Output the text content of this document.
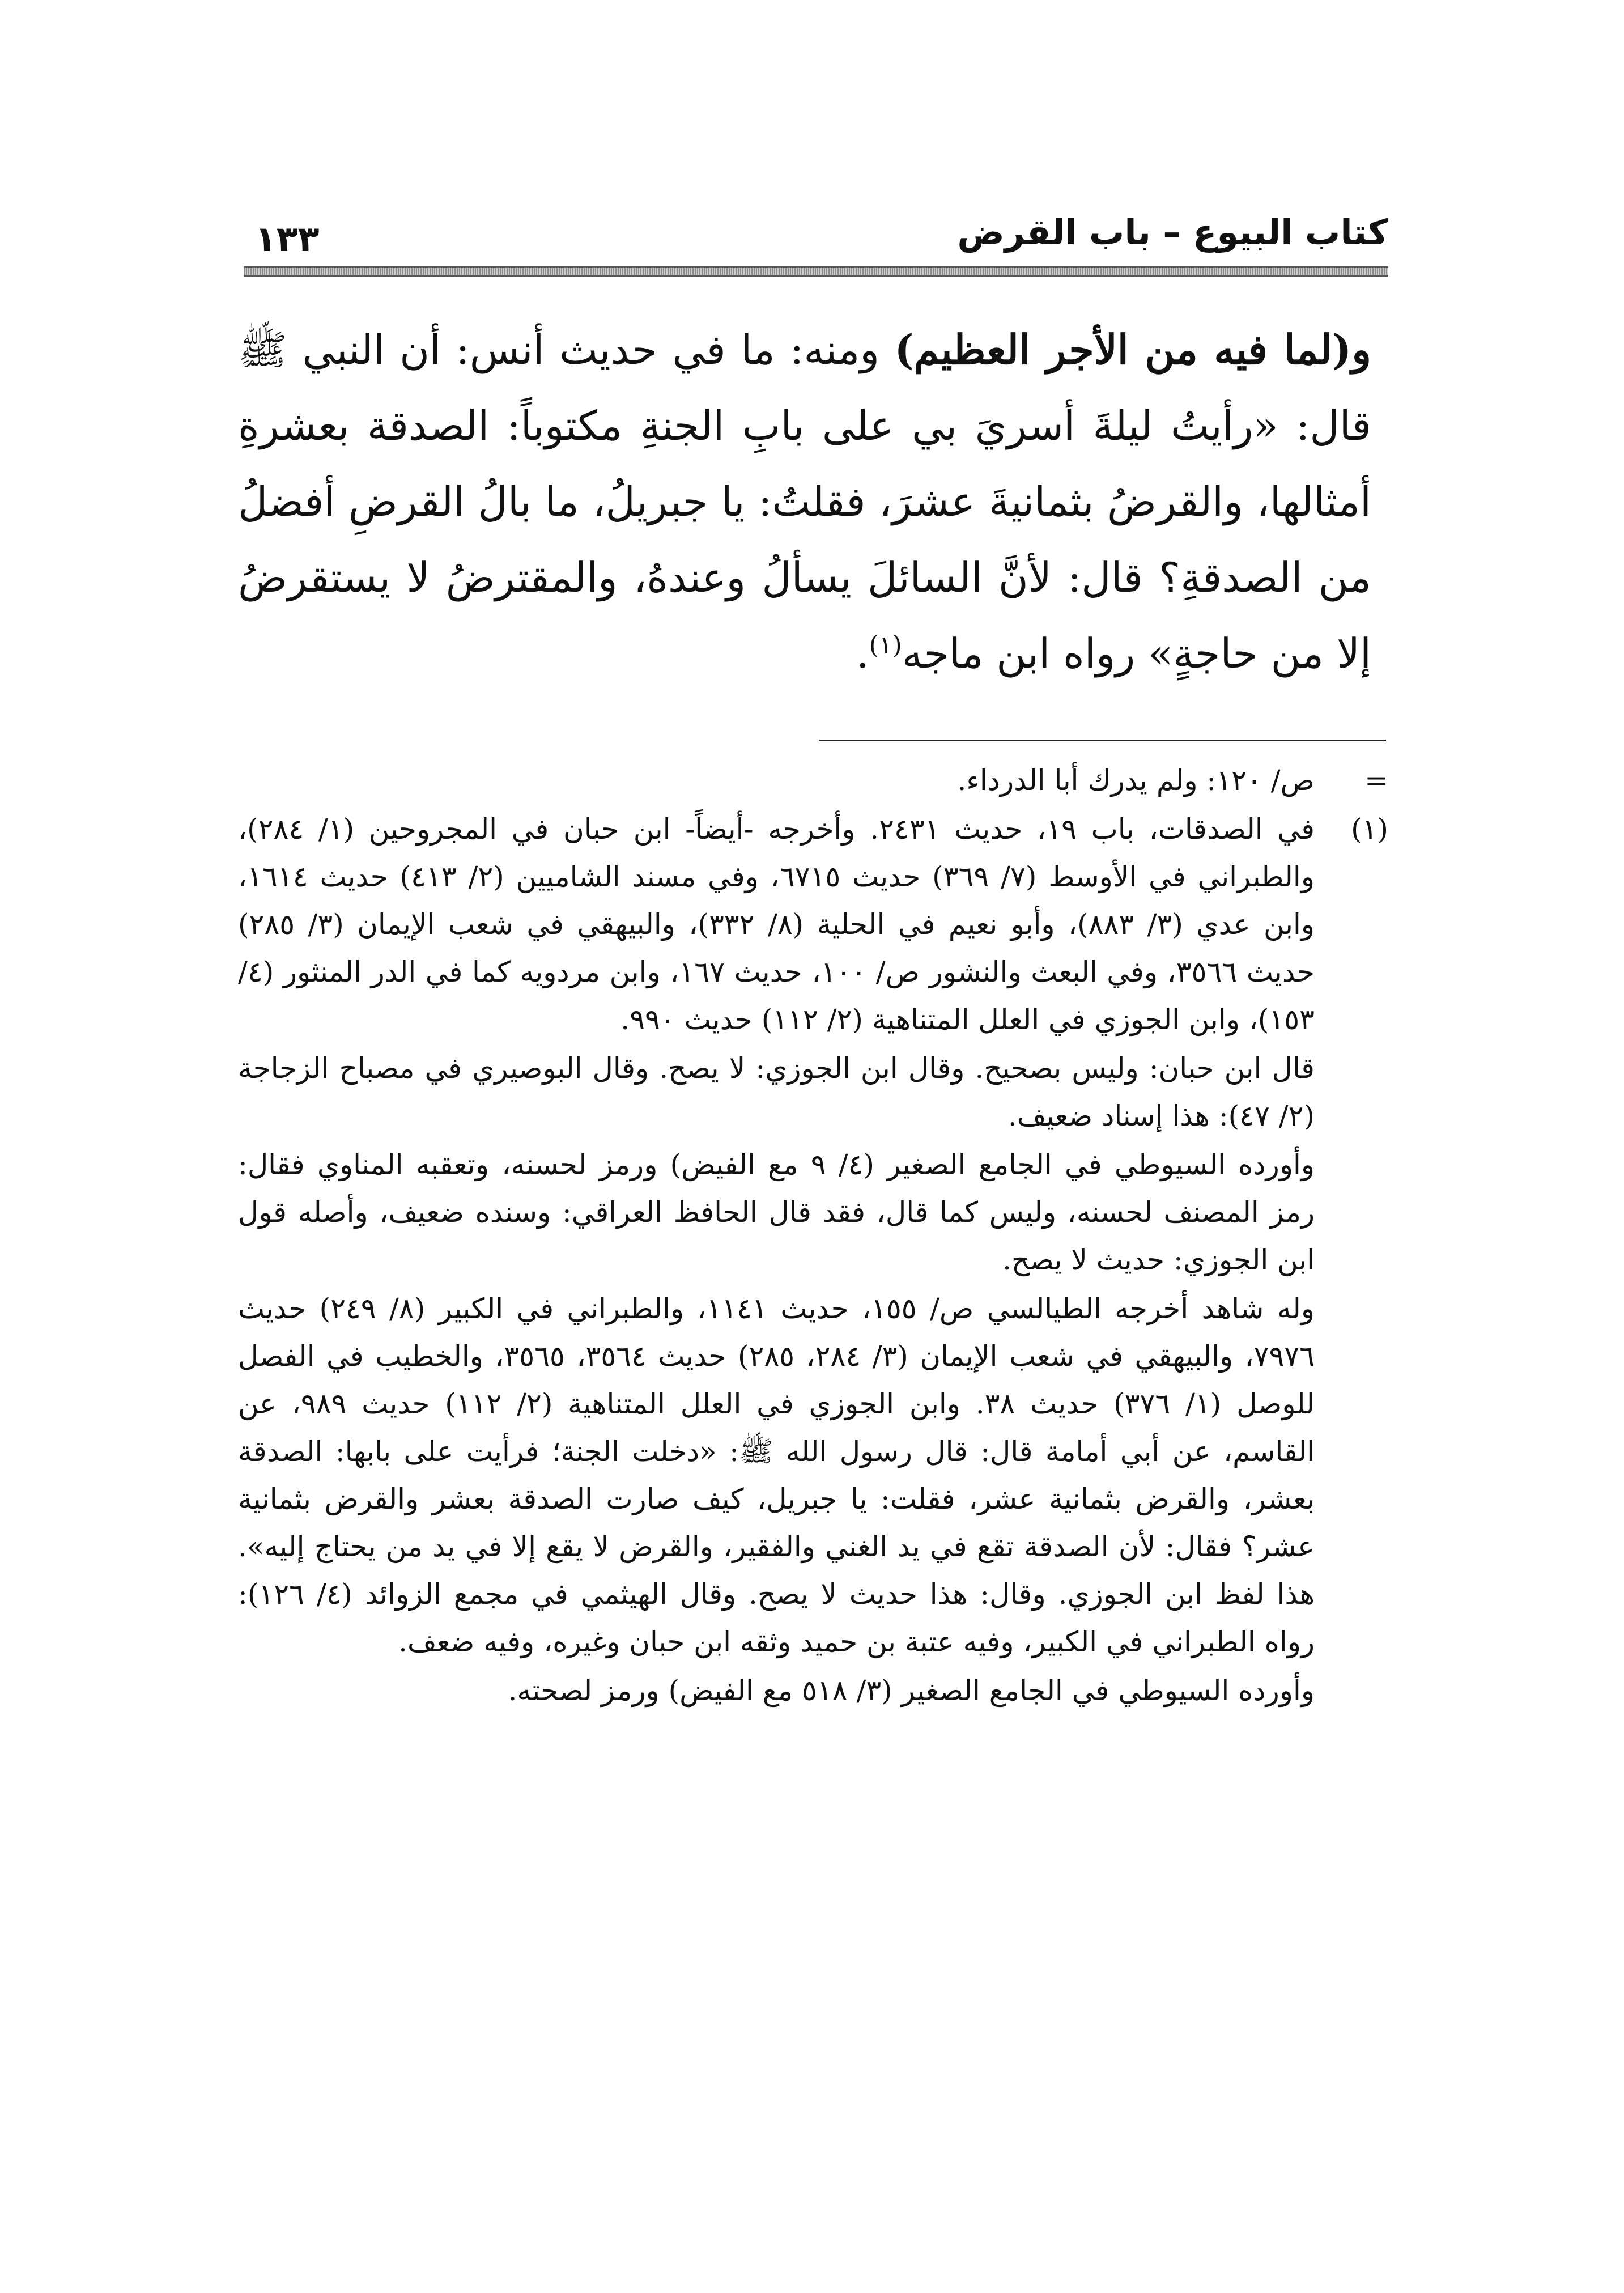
كتاب البيوع – باب القرض
١٣٣
و(لما فيه من الأجر العظيم) ومنه: ما في حديث أنس: أن النبي ﷺ قال: «رأيتُ ليلةَ أسريَ بي على بابِ الجنةِ مكتوباً: الصدقة بعشرةِ أمثالها، والقرضُ بثمانيةَ عشرَ، فقلتُ: يا جبريلُ، ما بالُ القرضِ أفضلُ من الصدقةِ؟ قال: لأنَّ السائلَ يسألُ وعندهُ، والمقترضُ لا يستقرضُ إلا من حاجةٍ» رواه ابن ماجه$^{(١)}$.
=
ص/ ١٢٠: ولم يدرك أبا الدرداء.
(١)
في الصدقات، باب ١٩، حديث ٢٤٣١. وأخرجه -أيضاً- ابن حبان في المجروحين (١/ ٢٨٤)، والطبراني في الأوسط (٧/ ٣٦٩) حديث ٦٧١٥، وفي مسند الشاميين (٢/ ٤١٣) حديث ١٦١٤، وابن عدي (٣/ ٨٨٣)، وأبو نعيم في الحلية (٨/ ٣٣٢)، والبيهقي في شعب الإيمان (٣/ ٢٨٥) حديث ٣٥٦٦، وفي البعث والنشور ص/ ١٠٠، حديث ١٦٧، وابن مردويه كما في الدر المنثور (٤/ ١٥٣)، وابن الجوزي في العلل المتناهية (٢/ ١١٢) حديث ٩٩٠.
قال ابن حبان: وليس بصحيح. وقال ابن الجوزي: لا يصح. وقال البوصيري في مصباح الزجاجة (٢/ ٤٧): هذا إسناد ضعيف.
وأورده السيوطي في الجامع الصغير (٤/ ٩ مع الفيض) ورمز لحسنه، وتعقبه المناوي فقال: رمز المصنف لحسنه، وليس كما قال، فقد قال الحافظ العراقي: وسنده ضعيف، وأصله قول ابن الجوزي: حديث لا يصح.
وله شاهد أخرجه الطيالسي ص/ ١٥٥، حديث ١١٤١، والطبراني في الكبير (٨/ ٢٤٩) حديث ٧٩٧٦، والبيهقي في شعب الإيمان (٣/ ٢٨٤، ٢٨٥) حديث ٣٥٦٤، ٣٥٦٥، والخطيب في الفصل للوصل (١/ ٣٧٦) حديث ٣٨. وابن الجوزي في العلل المتناهية (٢/ ١١٢) حديث ٩٨٩، عن القاسم، عن أبي أمامة قال: قال رسول الله ﷺ: «دخلت الجنة؛ فرأيت على بابها: الصدقة بعشر، والقرض بثمانية عشر، فقلت: يا جبريل، كيف صارت الصدقة بعشر والقرض بثمانية عشر؟ فقال: لأن الصدقة تقع في يد الغني والفقير، والقرض لا يقع إلا في يد من يحتاج إليه». هذا لفظ ابن الجوزي. وقال: هذا حديث لا يصح. وقال الهيثمي في مجمع الزوائد (٤/ ١٢٦): رواه الطبراني في الكبير، وفيه عتبة بن حميد وثقه ابن حبان وغيره، وفيه ضعف.
وأورده السيوطي في الجامع الصغير (٣/ ٥١٨ مع الفيض) ورمز لصحته.
